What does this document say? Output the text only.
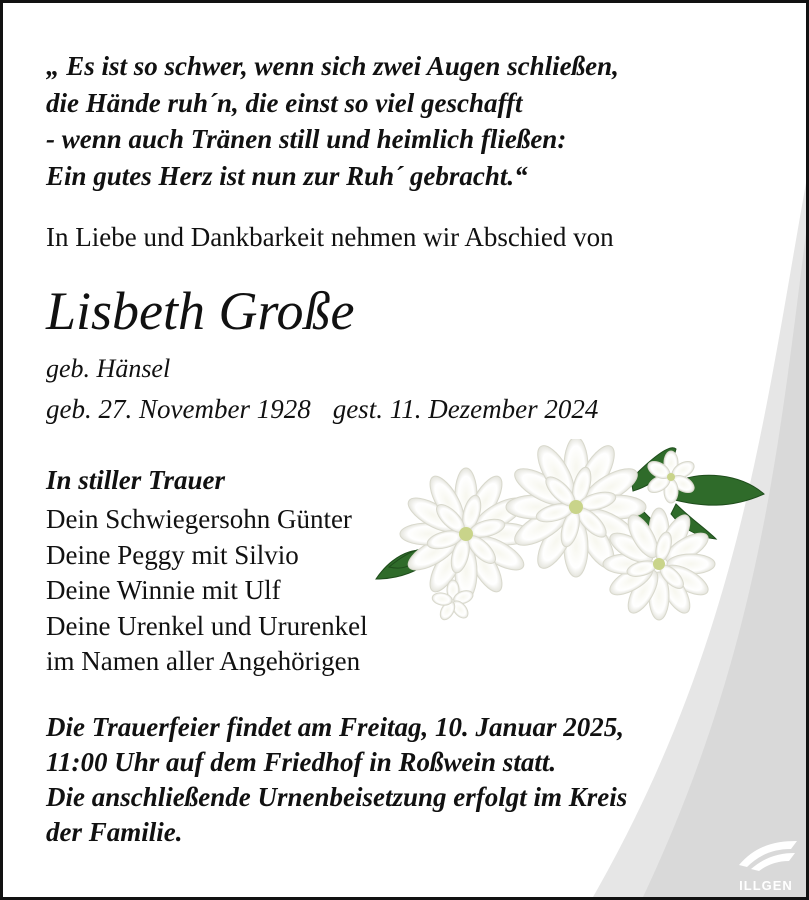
„ Es ist so schwer, wenn sich zwei Augen schließen,
die Hände ruh´n, die einst so viel geschafft
- wenn auch Tränen still und heimlich fließen:
Ein gutes Herz ist nun zur Ruh´ gebracht.“
In Liebe und Dankbarkeit nehmen wir Abschied von
Lisbeth Große
geb. Hänsel
geb. 27. November 1928 gest. 11. Dezember 2024
In stiller Trauer
Dein Schwiegersohn Günter
Deine Peggy mit Silvio
Deine Winnie mit Ulf
Deine Urenkel und Ururenkel
im Namen aller Angehörigen
Die Trauerfeier findet am Freitag, 10. Januar 2025,
11:00 Uhr auf dem Friedhof in Roßwein statt.
Die anschließende Urnenbeisetzung erfolgt im Kreis
der Familie.
ILLGEN
